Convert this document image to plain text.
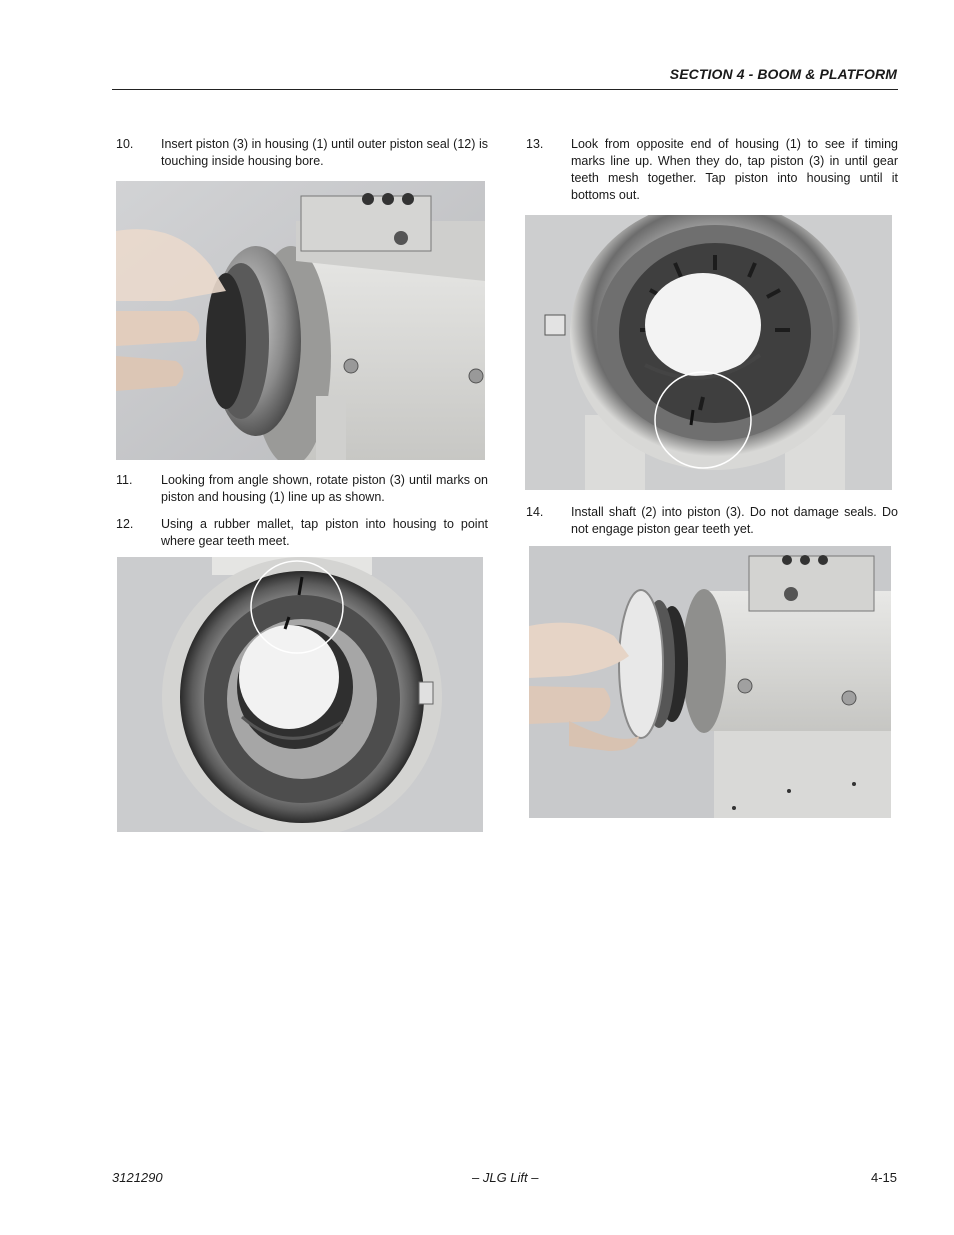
SECTION 4 - BOOM & PLATFORM
10.	Insert piston (3) in housing (1) until outer piston seal (12) is touching inside housing bore.
11.	Looking from angle shown, rotate piston (3) until marks on piston and housing (1) line up as shown.
12.	Using a rubber mallet, tap piston into housing to point where gear teeth meet.
13.	Look from opposite end of housing (1) to see if timing marks line up. When they do, tap piston (3) in until gear teeth mesh together. Tap piston into housing until it bottoms out.
14.	Install shaft (2) into piston (3). Do not damage seals. Do not engage piston gear teeth yet.
3121290	– JLG Lift –	4-15
